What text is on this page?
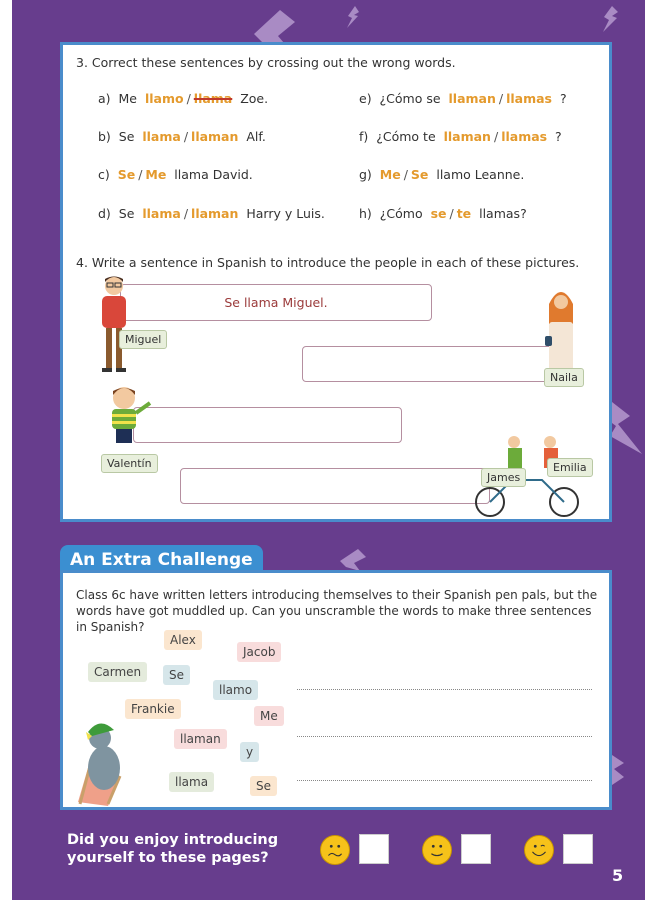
3. Correct these sentences by crossing out the wrong words.
a) Me llamo / llama Zoe.
b) Se llama / llaman Alf.
c) Se / Me llama David.
d) Se llama / llaman Harry y Luis.
e) ¿Cómo se llaman / llamas ?
f) ¿Cómo te llaman / llamas ?
g) Me / Se llamo Leanne.
h) ¿Cómo se / te llamas?
4. Write a sentence in Spanish to introduce the people in each of these pictures.
Se llama Miguel.
Miguel
Naila
Valentín
James
Emilia
An Extra Challenge
Class 6c have written letters introducing themselves to their Spanish pen pals, but the words have got muddled up. Can you unscramble the words to make three sentences in Spanish?
Alex
Jacob
Carmen	Se
llamo
Frankie	Me
llaman
y
llama	Se
Did you enjoy introducing
yourself to these pages?
5
